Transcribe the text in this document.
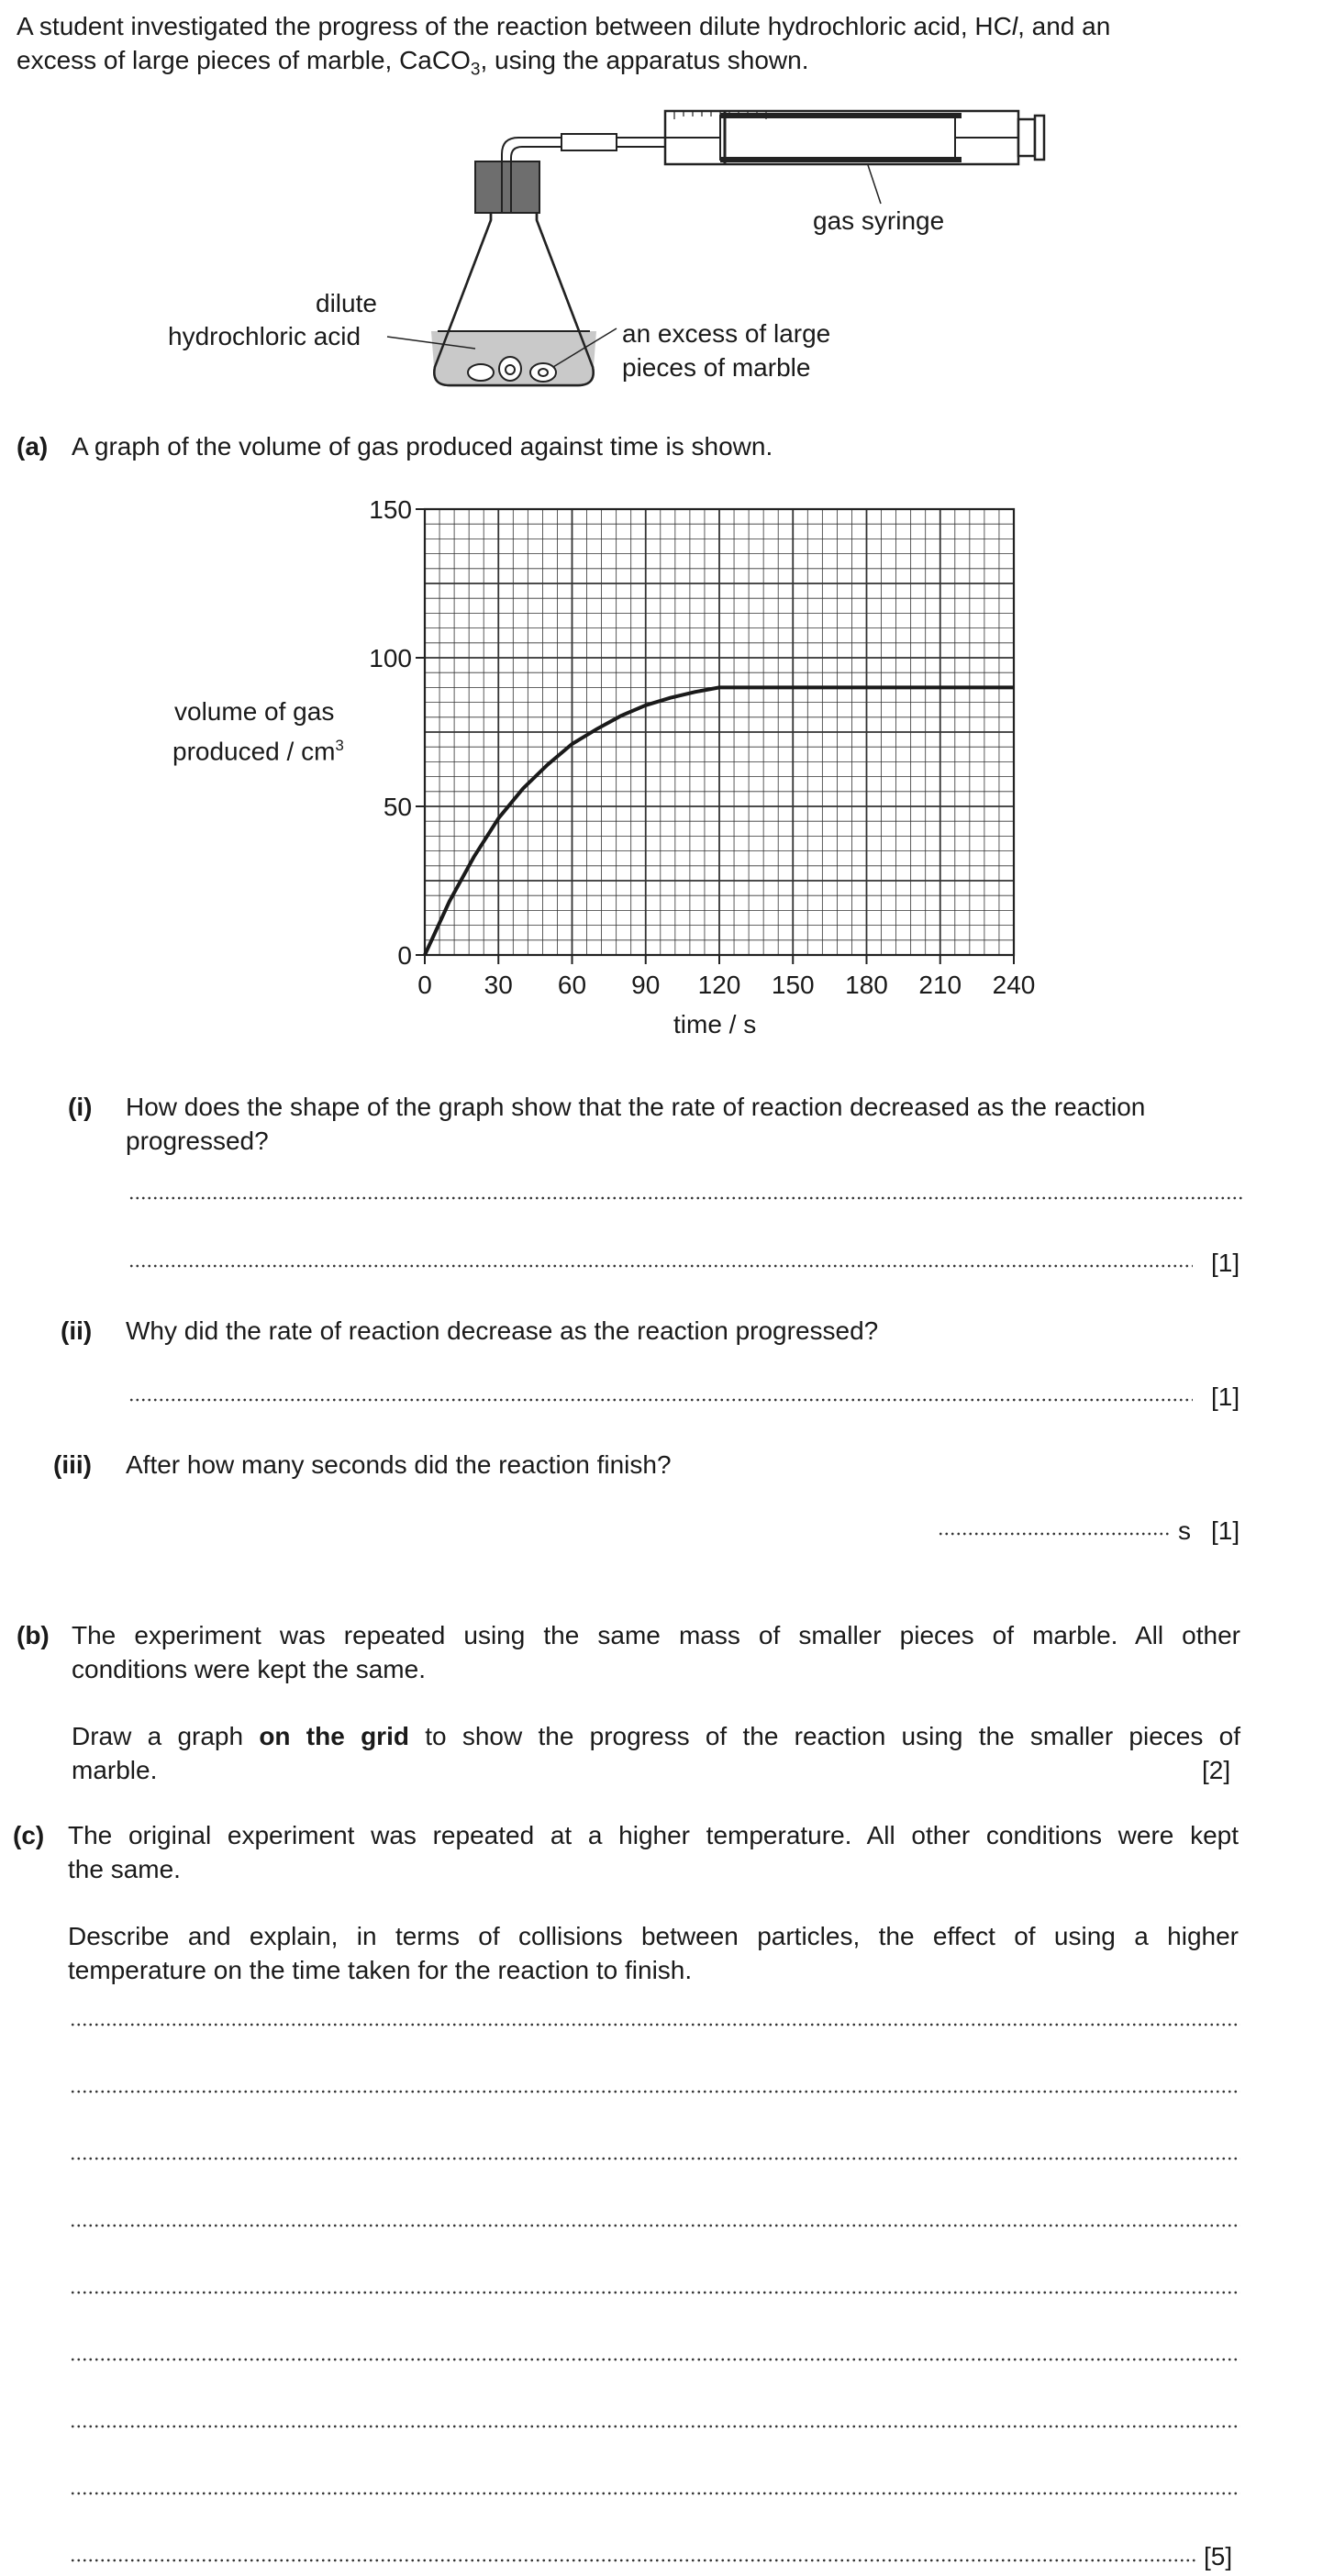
A student investigated the progress of the reaction between dilute hydrochloric acid, HCl, and an
excess of large pieces of marble, CaCO$_3$, using the apparatus shown.
gas syringe
dilute
hydrochloric acid	an excess of large
pieces of marble
(a) A graph of the volume of gas produced against time is shown.
0 30 60 90 120 150 180 210 240
0
50
100
150
volume of gas
produced / $cm^3$
time / s
(i) How does the shape of the graph show that the rate of reaction decreased as the reaction
progressed?
[1]
(ii) Why did the rate of reaction decrease as the reaction progressed?
[1]
(iii) After how many seconds did the reaction finish?
s [1]
(b) The experiment was repeated using the same mass of smaller pieces of marble. All other
conditions were kept the same.
Draw a graph on the grid to show the progress of the reaction using the smaller pieces of
marble.	[2]
(c) The original experiment was repeated at a higher temperature. All other conditions were kept
the same.
Describe and explain, in terms of collisions between particles, the effect of using a higher
temperature on the time taken for the reaction to finish.
[5]
